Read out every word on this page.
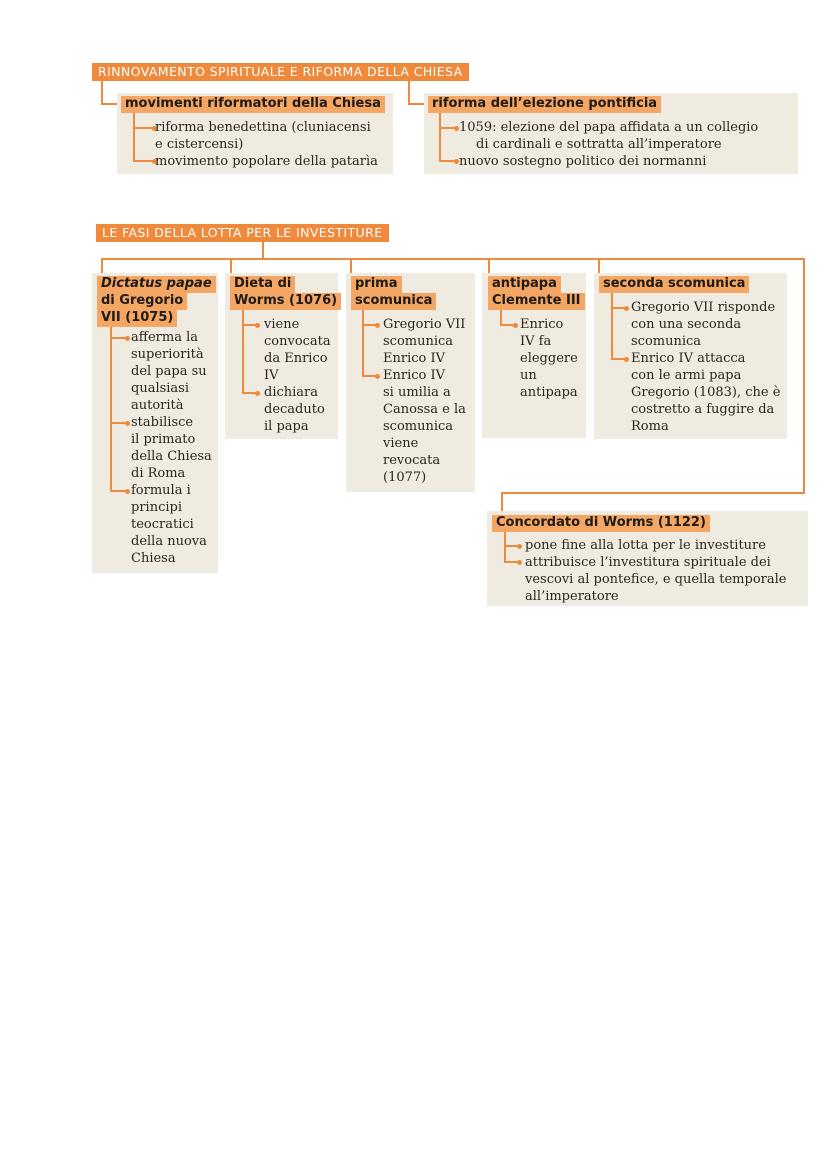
RINNOVAMENTO SPIRITUALE E RIFORMA DELLA CHIESA
movimenti riformatori della Chiesa
riforma benedettina (cluniacensi
e cistercensi)
movimento popolare della patarìa
riforma dell’elezione pontificia
1059: elezione del papa affidata a un collegio
di cardinali e sottratta all’imperatore
nuovo sostegno politico dei normanni
LE FASI DELLA LOTTA PER LE INVESTITURE
Dictatus papae
di Gregorio
VII (1075)
afferma la
superiorità
del papa su
qualsiasi
autorità
stabilisce
il primato
della Chiesa
di Roma
formula i
principi
teocratici
della nuova
Chiesa
Dieta di
Worms (1076)
viene
convocata
da Enrico
IV
dichiara
decaduto
il papa
prima
scomunica
Gregorio VII
scomunica
Enrico IV
Enrico IV
si umilia a
Canossa e la
scomunica
viene
revocata
(1077)
antipapa
Clemente III
Enrico
IV fa
eleggere
un
antipapa
seconda scomunica
Gregorio VII risponde
con una seconda
scomunica
Enrico IV attacca
con le armi papa
Gregorio (1083), che è
costretto a fuggire da
Roma
Concordato di Worms (1122)
pone fine alla lotta per le investiture
attribuisce l’investitura spirituale dei
vescovi al pontefice, e quella temporale
all’imperatore
